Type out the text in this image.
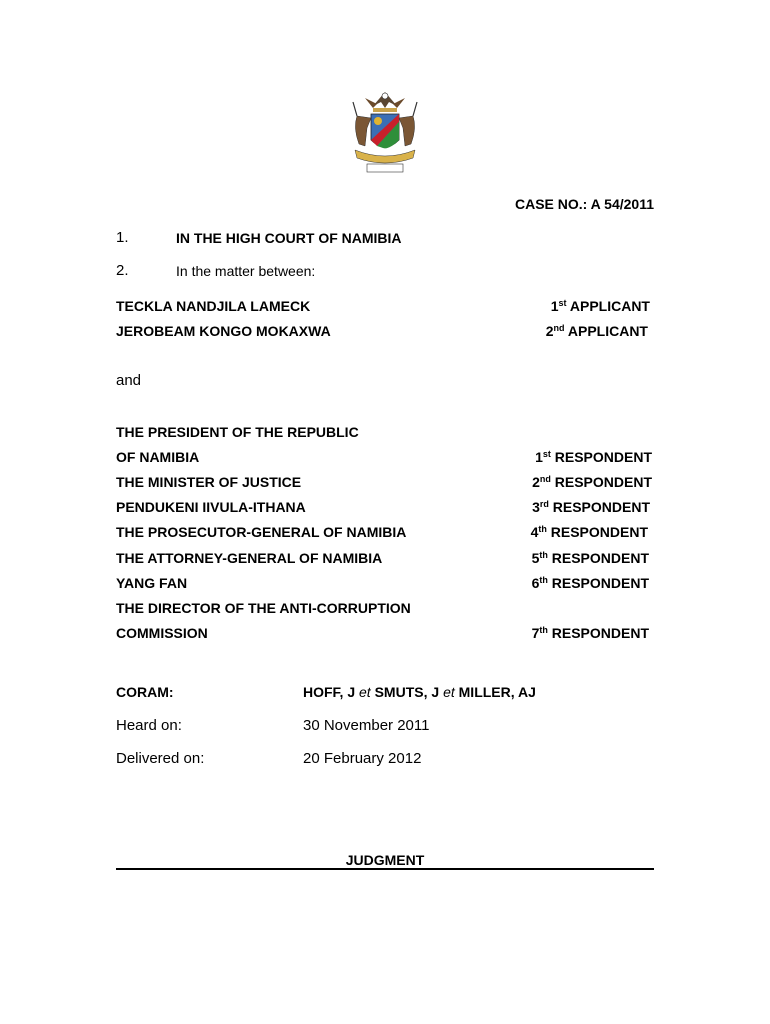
CASE NO.: A 54/2011
1.	IN THE HIGH COURT OF NAMIBIA
2.	In the matter between:
TECKLA NANDJILA LAMECK	1st APPLICANT
JEROBEAM KONGO MOKAXWA	2nd APPLICANT
and
THE PRESIDENT OF THE REPUBLIC
OF NAMIBIA	1st RESPONDENT
THE MINISTER OF JUSTICE	2nd RESPONDENT
PENDUKENI IIVULA-ITHANA	3rd RESPONDENT
THE PROSECUTOR-GENERAL OF NAMIBIA	4th RESPONDENT
THE ATTORNEY-GENERAL OF NAMIBIA	5th RESPONDENT
YANG FAN	6th RESPONDENT
THE DIRECTOR OF THE ANTI-CORRUPTION
COMMISSION	7th RESPONDENT
CORAM:	HOFF, J et SMUTS, J et MILLER, AJ
Heard on:	30 November 2011
Delivered on:	20 February 2012
JUDGMENT
